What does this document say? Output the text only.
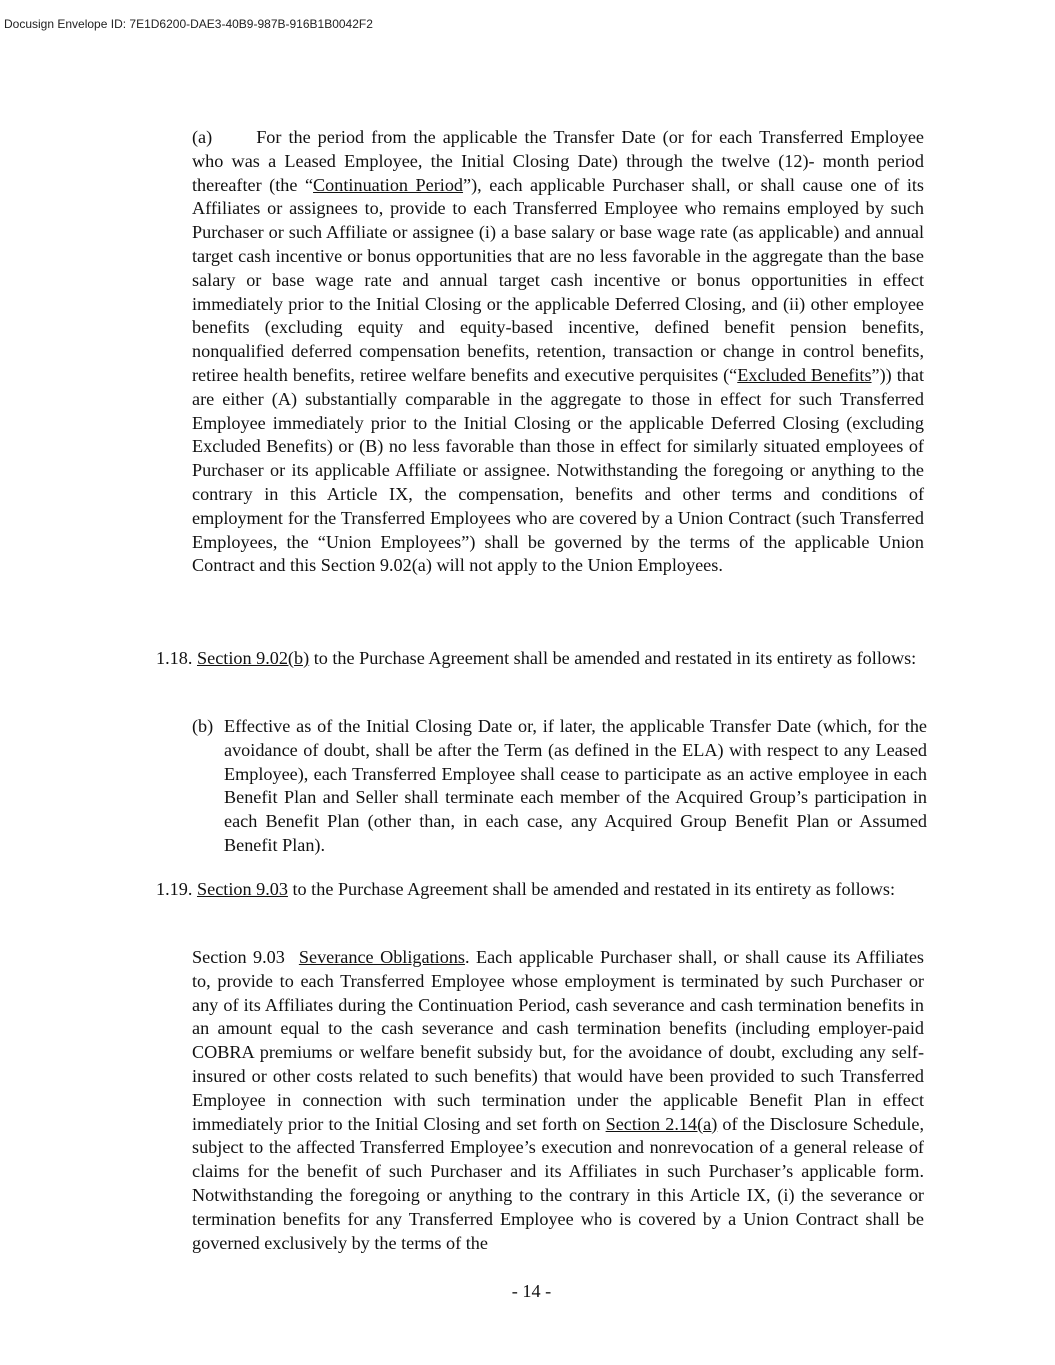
Docusign Envelope ID: 7E1D6200-DAE3-40B9-987B-916B1B0042F2
(a) For the period from the applicable the Transfer Date (or for each Transferred Employee who was a Leased Employee, the Initial Closing Date) through the twelve (12)- month period thereafter (the “Continuation Period”), each applicable Purchaser shall, or shall cause one of its Affiliates or assignees to, provide to each Transferred Employee who remains employed by such Purchaser or such Affiliate or assignee (i) a base salary or base wage rate (as applicable) and annual target cash incentive or bonus opportunities that are no less favorable in the aggregate than the base salary or base wage rate and annual target cash incentive or bonus opportunities in effect immediately prior to the Initial Closing or the applicable Deferred Closing, and (ii) other employee benefits (excluding equity and equity-based incentive, defined benefit pension benefits, nonqualified deferred compensation benefits, retention, transaction or change in control benefits, retiree health benefits, retiree welfare benefits and executive perquisites (“Excluded Benefits”)) that are either (A) substantially comparable in the aggregate to those in effect for such Transferred Employee immediately prior to the Initial Closing or the applicable Deferred Closing (excluding Excluded Benefits) or (B) no less favorable than those in effect for similarly situated employees of Purchaser or its applicable Affiliate or assignee. Notwithstanding the foregoing or anything to the contrary in this Article IX, the compensation, benefits and other terms and conditions of employment for the Transferred Employees who are covered by a Union Contract (such Transferred Employees, the “Union Employees”) shall be governed by the terms of the applicable Union Contract and this Section 9.02(a) will not apply to the Union Employees.
1.18. Section 9.02(b) to the Purchase Agreement shall be amended and restated in its entirety as follows:
(b) Effective as of the Initial Closing Date or, if later, the applicable Transfer Date (which, for the avoidance of doubt, shall be after the Term (as defined in the ELA) with respect to any Leased Employee), each Transferred Employee shall cease to participate as an active employee in each Benefit Plan and Seller shall terminate each member of the Acquired Group’s participation in each Benefit Plan (other than, in each case, any Acquired Group Benefit Plan or Assumed Benefit Plan).
1.19. Section 9.03 to the Purchase Agreement shall be amended and restated in its entirety as follows:
Section 9.03 Severance Obligations. Each applicable Purchaser shall, or shall cause its Affiliates to, provide to each Transferred Employee whose employment is terminated by such Purchaser or any of its Affiliates during the Continuation Period, cash severance and cash termination benefits in an amount equal to the cash severance and cash termination benefits (including employer-paid COBRA premiums or welfare benefit subsidy but, for the avoidance of doubt, excluding any self-insured or other costs related to such benefits) that would have been provided to such Transferred Employee in connection with such termination under the applicable Benefit Plan in effect immediately prior to the Initial Closing and set forth on Section 2.14(a) of the Disclosure Schedule, subject to the affected Transferred Employee’s execution and nonrevocation of a general release of claims for the benefit of such Purchaser and its Affiliates in such Purchaser’s applicable form. Notwithstanding the foregoing or anything to the contrary in this Article IX, (i) the severance or termination benefits for any Transferred Employee who is covered by a Union Contract shall be governed exclusively by the terms of the
- 14 -
